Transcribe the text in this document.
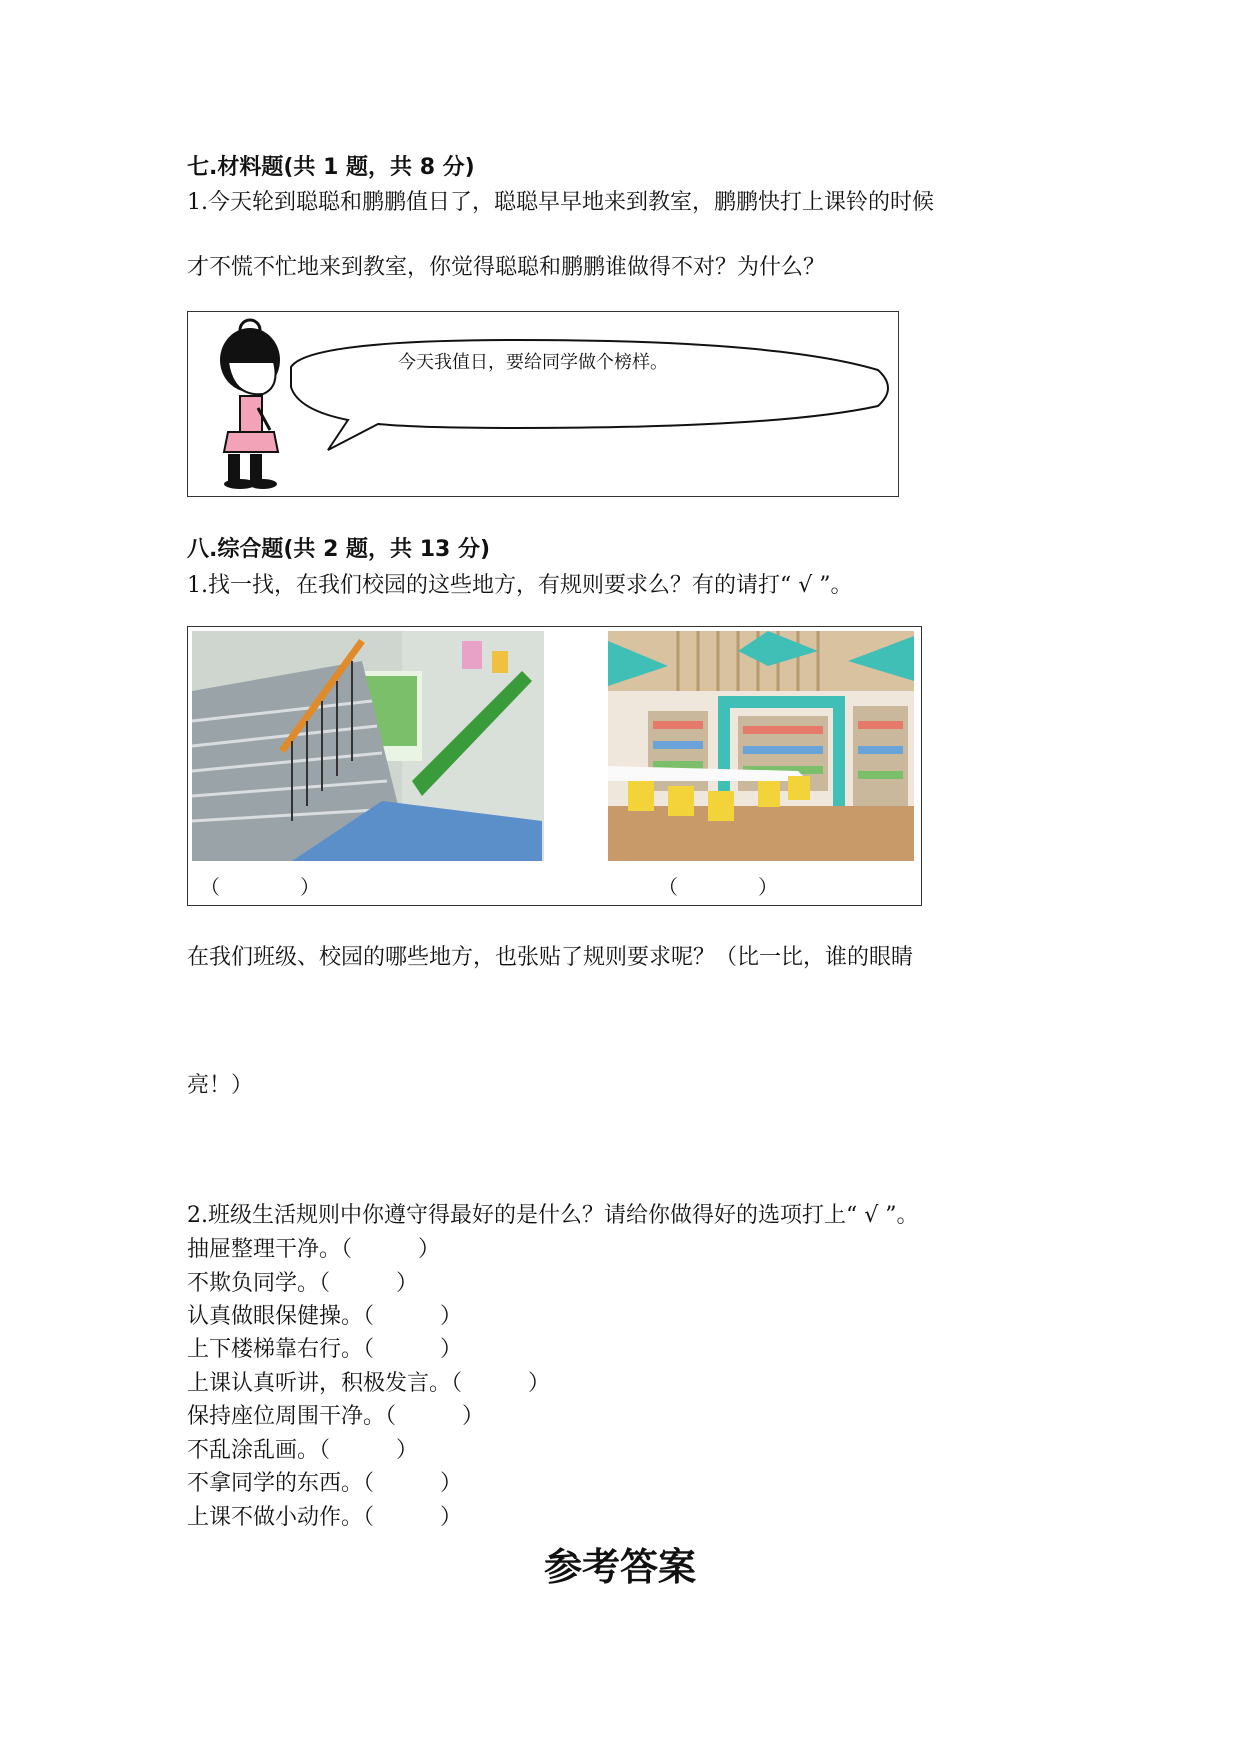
七.材料题(共 1 题，共 8 分)
1.今天轮到聪聪和鹏鹏值日了，聪聪早早地来到教室，鹏鹏快打上课铃的时候
才不慌不忙地来到教室，你觉得聪聪和鹏鹏谁做得不对？为什么？
今天我值日，要给同学做个榜样。
八.综合题(共 2 题，共 13 分)
1.找一找，在我们校园的这些地方，有规则要求么？有的请打“ √ ”。
（　　　　）	（　　　　）
在我们班级、校园的哪些地方，也张贴了规则要求呢？（比一比，谁的眼睛
亮！）
2.班级生活规则中你遵守得最好的是什么？请给你做得好的选项打上“ √ ”。
抽屉整理干净。（　　　）
不欺负同学。（　　　）
认真做眼保健操。（　　　）
上下楼梯靠右行。（　　　）
上课认真听讲，积极发言。（　　　）
保持座位周围干净。（　　　）
不乱涂乱画。（　　　）
不拿同学的东西。（　　　）
上课不做小动作。（　　　）
参考答案
